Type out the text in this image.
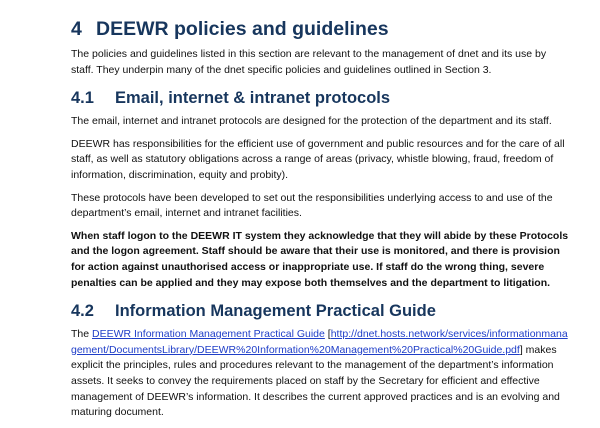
4 DEEWR policies and guidelines

The policies and guidelines listed in this section are relevant to the management of dnet and its use by staff. They underpin many of the dnet specific policies and guidelines outlined in Section 3.

4.1 Email, internet & intranet protocols

The email, internet and intranet protocols are designed for the protection of the department and its staff.

DEEWR has responsibilities for the efficient use of government and public resources and for the care of all staff, as well as statutory obligations across a range of areas (privacy, whistle blowing, fraud, freedom of information, discrimination, equity and probity).

These protocols have been developed to set out the responsibilities underlying access to and use of the department’s email, internet and intranet facilities.

When staff logon to the DEEWR IT system they acknowledge that they will abide by these Protocols and the logon agreement. Staff should be aware that their use is monitored, and there is provision for action against unauthorised access or inappropriate use. If staff do the wrong thing, severe penalties can be applied and they may expose both themselves and the department to litigation.

4.2 Information Management Practical Guide

The DEEWR Information Management Practical Guide [http://dnet.hosts.network/services/informationmanagement/DocumentsLibrary/DEEWR%20Information%20Management%20Practical%20Guide.pdf] makes explicit the principles, rules and procedures relevant to the management of the department’s information assets. It seeks to convey the requirements placed on staff by the Secretary for efficient and effective management of DEEWR’s information. It describes the current approved practices and is an evolving and maturing document.
